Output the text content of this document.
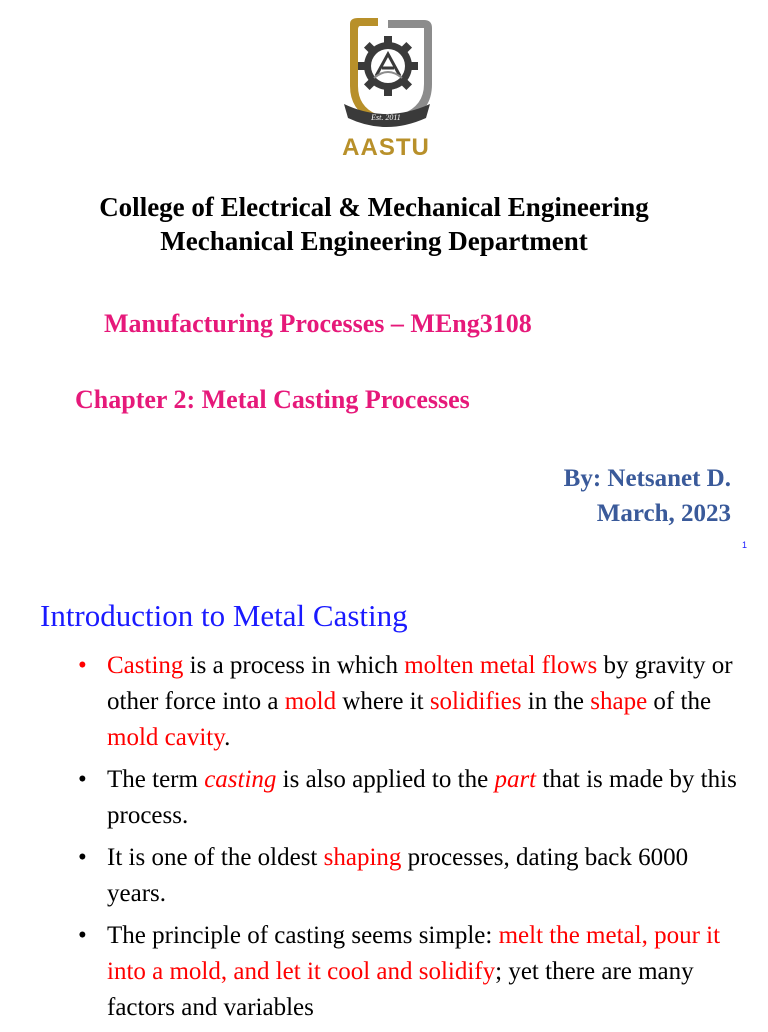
Est. 2011
AASTU
College of Electrical & Mechanical Engineering
Mechanical Engineering Department
Manufacturing Processes – MEng3108
Chapter 2: Metal Casting Processes
By: Netsanet D.
March, 2023
1
Introduction to Metal Casting
• Casting is a process in which molten metal flows by gravity or other force into a mold where it solidifies in the shape of the mold cavity.
• The term casting is also applied to the part that is made by this process.
• It is one of the oldest shaping processes, dating back 6000 years.
• The principle of casting seems simple: melt the metal, pour it into a mold, and let it cool and solidify; yet there are many factors and variables
